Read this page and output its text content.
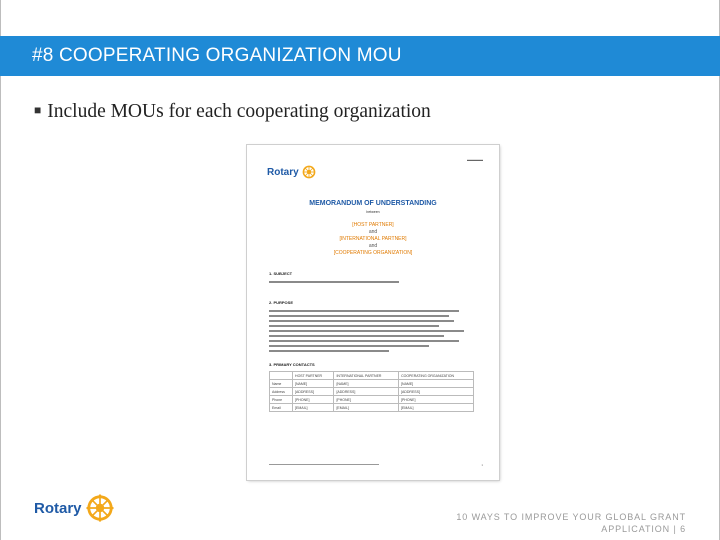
#8 COOPERATING ORGANIZATION MOU
■ Include MOUs for each cooperating organization
▬▬▬▬
Rotary
MEMORANDUM OF UNDERSTANDING
between
[HOST PARTNER]
and
[INTERNATIONAL PARTNER]
and
[COOPERATING ORGANIZATION]
1. SUBJECT
2. PURPOSE
3. PRIMARY CONTACTS
	HOST PARTNER	INTERNATIONAL PARTNER	COOPERATING ORGANIZATION
Name	[NAME]	[NAME]	[NAME]
Address	[ADDRESS]	[ADDRESS]	[ADDRESS]
Phone	[PHONE]	[PHONE]	[PHONE]
Email	[EMAIL]	[EMAIL]	[EMAIL]
1
Rotary
10 WAYS TO IMPROVE YOUR GLOBAL GRANT
APPLICATION | 6
